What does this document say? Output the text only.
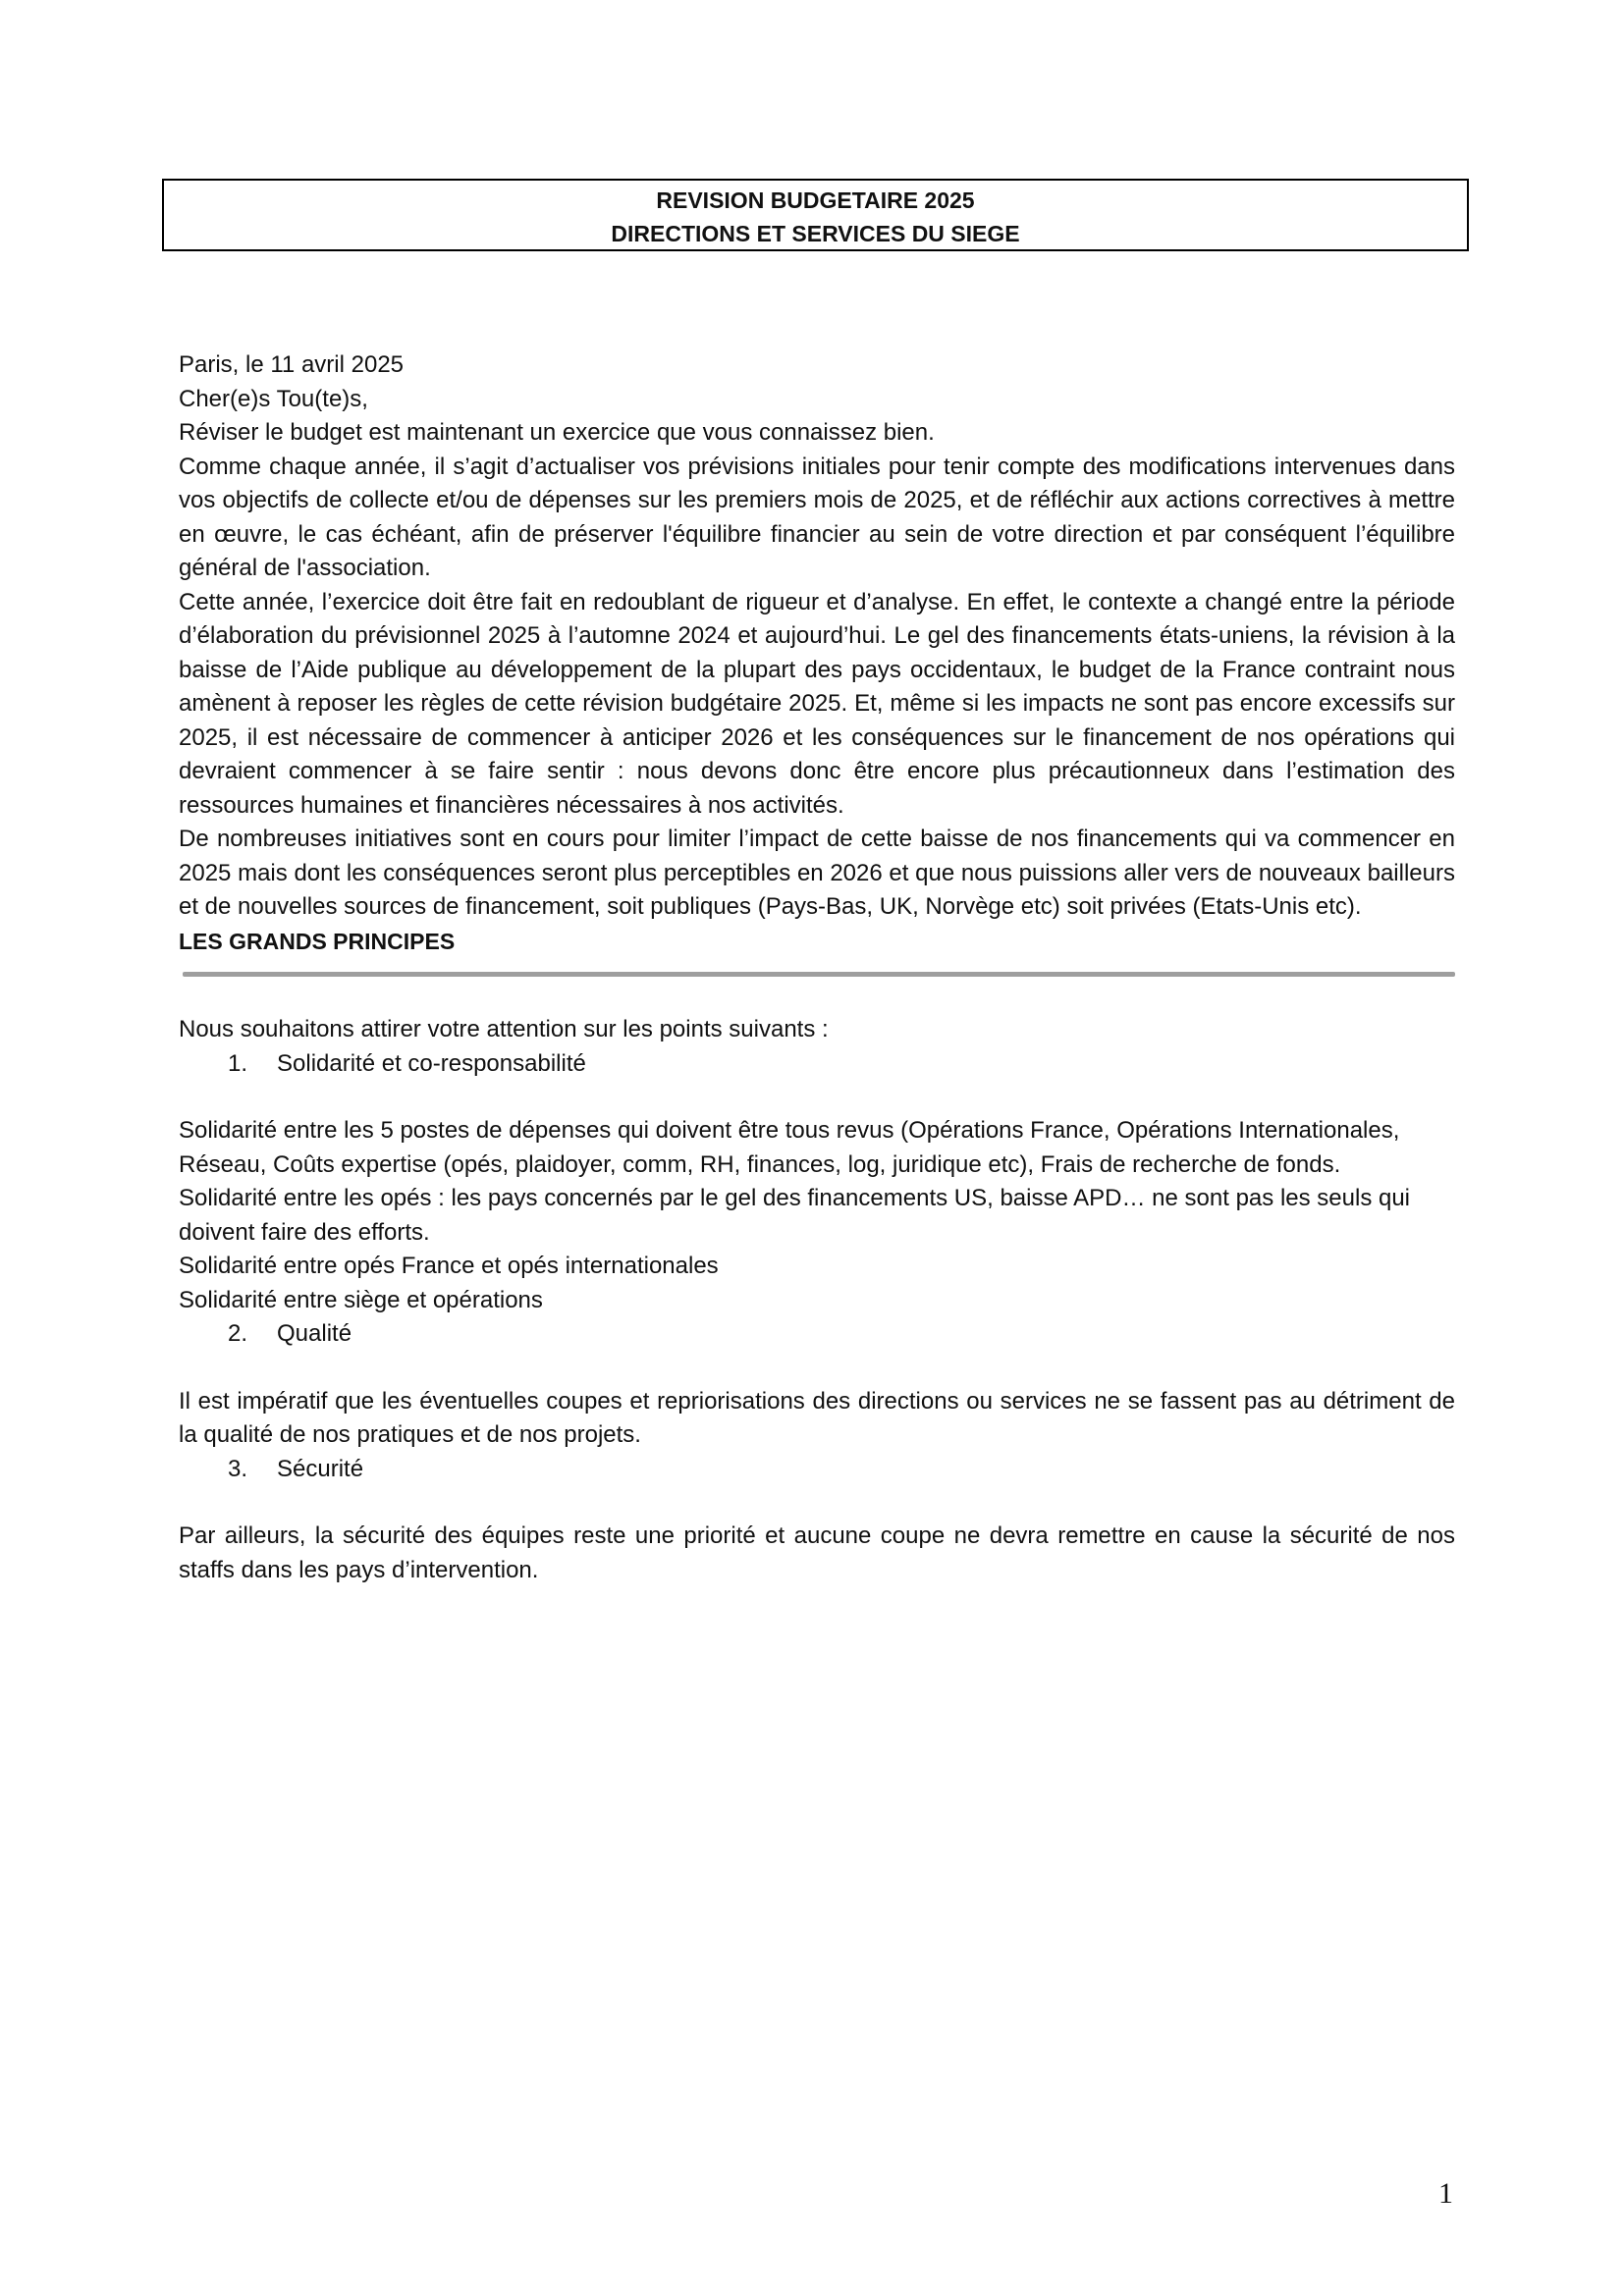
REVISION BUDGETAIRE 2025
DIRECTIONS ET SERVICES DU SIEGE

Paris, le 11 avril 2025

Cher(e)s Tou(te)s,

Réviser le budget est maintenant un exercice que vous connaissez bien.

Comme chaque année, il s’agit d’actualiser vos prévisions initiales pour tenir compte des modifications intervenues dans vos objectifs de collecte et/ou de dépenses sur les premiers mois de 2025, et de réfléchir aux actions correctives à mettre en œuvre, le cas échéant, afin de préserver l'équilibre financier au sein de votre direction et par conséquent l’équilibre général de l'association.

Cette année, l’exercice doit être fait en redoublant de rigueur et d’analyse. En effet, le contexte a changé entre la période d’élaboration du prévisionnel 2025 à l’automne 2024 et aujourd’hui. Le gel des financements états-uniens, la révision à la baisse de l’Aide publique au développement de la plupart des pays occidentaux, le budget de la France contraint nous amènent à reposer les règles de cette révision budgétaire 2025. Et, même si les impacts ne sont pas encore excessifs sur 2025, il est nécessaire de commencer à anticiper 2026 et les conséquences sur le financement de nos opérations qui devraient commencer à se faire sentir : nous devons donc être encore plus précautionneux dans l’estimation des ressources humaines et financières nécessaires à nos activités.

De nombreuses initiatives sont en cours pour limiter l’impact de cette baisse de nos financements qui va commencer en 2025 mais dont les conséquences seront plus perceptibles en 2026 et que nous puissions aller vers de nouveaux bailleurs et de nouvelles sources de financement, soit publiques (Pays-Bas, UK, Norvège etc) soit privées (Etats-Unis etc).

LES GRANDS PRINCIPES

Nous souhaitons attirer votre attention sur les points suivants :

1.	Solidarité et co-responsabilité

Solidarité entre les 5 postes de dépenses qui doivent être tous revus (Opérations France, Opérations Internationales, Réseau, Coûts expertise (opés, plaidoyer, comm, RH, finances, log, juridique etc), Frais de recherche de fonds.

Solidarité entre les opés : les pays concernés par le gel des financements US, baisse APD… ne sont pas les seuls qui doivent faire des efforts.

Solidarité entre opés France et opés internationales

Solidarité entre siège et opérations

2.	Qualité

Il est impératif que les éventuelles coupes et repriorisations des directions ou services ne se fassent pas au détriment de la qualité de nos pratiques et de nos projets.

3.	Sécurité

Par ailleurs, la sécurité des équipes reste une priorité et aucune coupe ne devra remettre en cause la sécurité de nos staffs dans les pays d’intervention.

1
